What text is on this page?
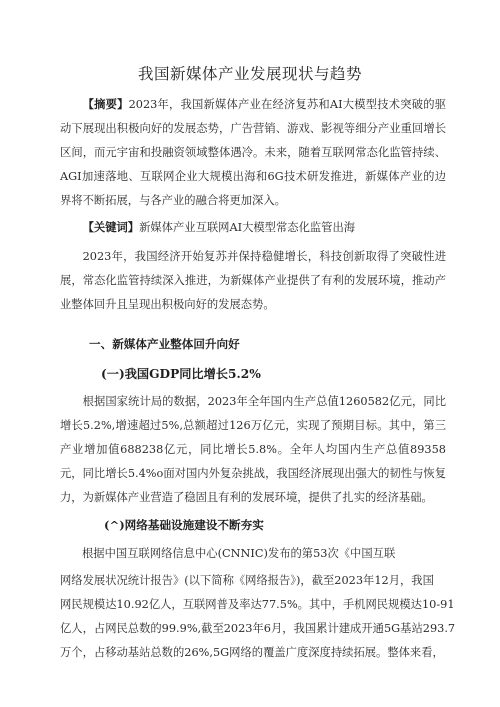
我国新媒体产业发展现状与趋势
【摘要】2023年，我国新媒体产业在经济复苏和AI大模型技术突破的驱动下展现出积极向好的发展态势，广告营销、游戏、影视等细分产业重回增长区间，而元宇宙和投融资领域整体遇冷。未来，随着互联网常态化监管持续、AGI加速落地、互联网企业大规模出海和6G技术研发推进，新媒体产业的边界将不断拓展，与各产业的融合将更加深入。
【关键词】新媒体产业互联网AI大模型常态化监管出海
2023年，我国经济开始复苏并保持稳健增长，科技创新取得了突破性进展，常态化监管持续深入推进，为新媒体产业提供了有利的发展环境，推动产业整体回升且呈现出积极向好的发展态势。
一、新媒体产业整体回升向好
(一)我国GDP同比增长5.2%
根据国家统计局的数据，2023年全年国内生产总值1260582亿元，同比增长5.2%,增速超过5%,总额超过126万亿元，实现了预期目标。其中，第三产业增加值688238亿元，同比增长5.8%。全年人均国内生产总值89358元，同比增长5.4%o面对国内外复杂挑战，我国经济展现出强大的韧性与恢复力，为新媒体产业营造了稳固且有利的发展环境，提供了扎实的经济基础。
(^)网络基础设施建设不断夯实
根据中国互联网络信息中心(CNNIC)发布的第53次《中国互联
网络发展状况统计报告》(以下简称《网络报告》)，截至2023年12月，我国
网民规模达10.92亿人，互联网普及率达77.5%。其中，手机网民规模达10-91
亿人，占网民总数的99.9%,截至2023年6月，我国累计建成开通5G基站293.7
万个，占移动基站总数的26%,5G网络的覆盖广度深度持续拓展。整体来看，
